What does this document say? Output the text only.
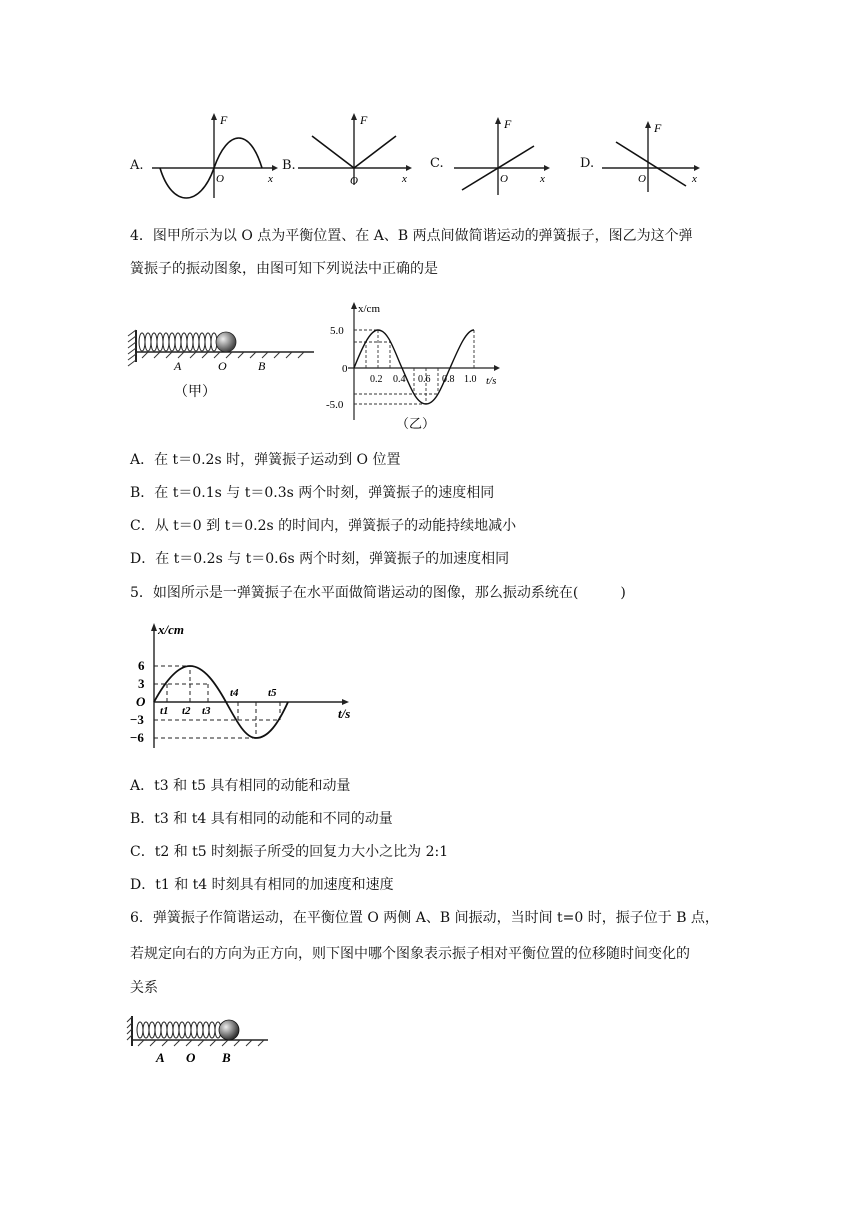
A.
F
O	x
B.
F
O	x
C.
F
O	x
D.
F
O	x
4．图甲所示为以 O 点为平衡位置、在 A、B 两点间做简谐运动的弹簧振子，图乙为这个弹
簧振子的振动图象，由图可知下列说法中正确的是
A	O	B
（甲）
x/cm
5.0
0
-5.0
0.2 0.4 0.6 0.8 1.0 t/s
（乙）
A．在 t＝0.2s 时，弹簧振子运动到 O 位置
B．在 t＝0.1s 与 t＝0.3s 两个时刻，弹簧振子的速度相同
C．从 t＝0 到 t＝0.2s 的时间内，弹簧振子的动能持续地减小
D．在 t＝0.2s 与 t＝0.6s 两个时刻，弹簧振子的加速度相同
5．如图所示是一弹簧振子在水平面做简谐运动的图像，那么振动系统在(　　　)
x/cm
6
3
O
−3
−6
t1 t2 t3
t4	t5
t/s
A．t3 和 t5 具有相同的动能和动量
B．t3 和 t4 具有相同的动能和不同的动量
C．t2 和 t5 时刻振子所受的回复力大小之比为 2:1
D．t1 和 t4 时刻具有相同的加速度和速度
6．弹簧振子作简谐运动，在平衡位置 O 两侧 A、B 间振动，当时间 t=0 时，振子位于 B 点，
若规定向右的方向为正方向，则下图中哪个图象表示振子相对平衡位置的位移随时间变化的
关系
A O B
